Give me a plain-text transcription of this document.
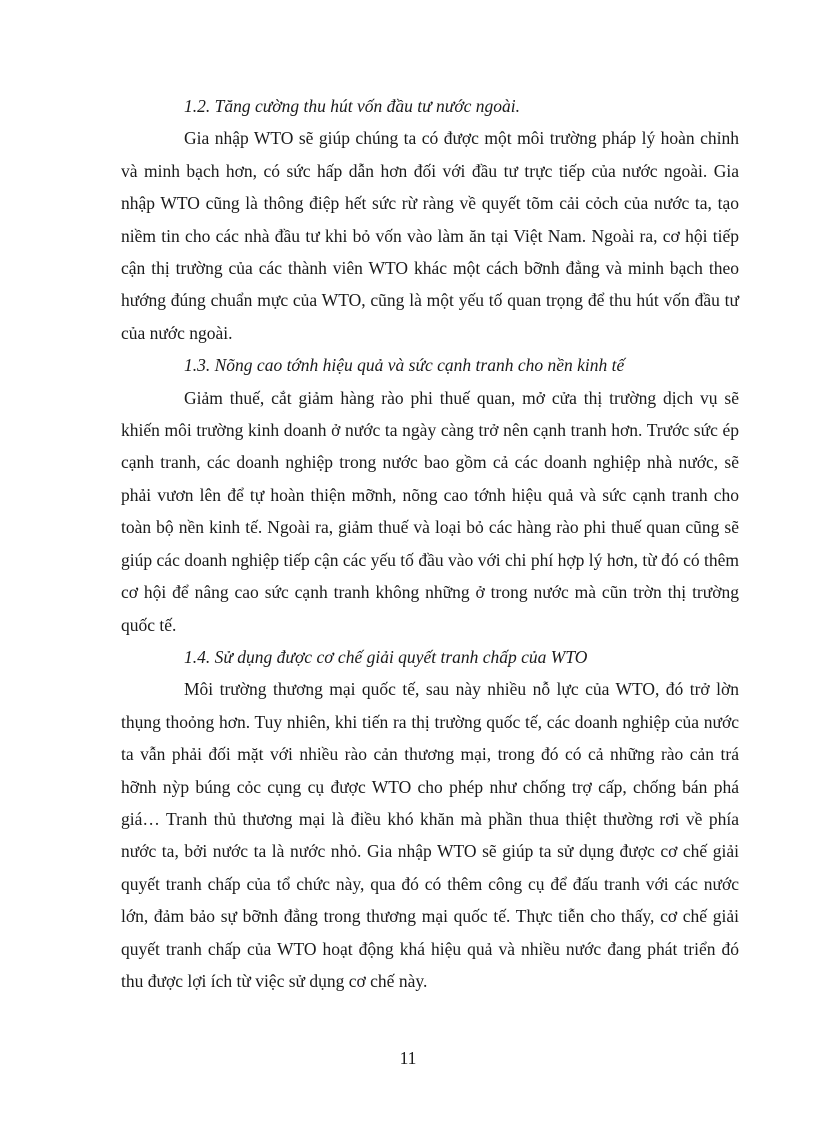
1.2. Tăng cường thu hút vốn đầu tư nước ngoài.

Gia nhập WTO sẽ giúp chúng ta có được một môi trường pháp lý hoàn chỉnh và minh bạch hơn, có sức hấp dẫn hơn đối với đầu tư trực tiếp của nước ngoài. Gia nhập WTO cũng là thông điệp hết sức rừ ràng về quyết tõm cải cỏch của nước ta, tạo niềm tin cho các nhà đầu tư khi bỏ vốn vào làm ăn tại Việt Nam. Ngoài ra, cơ hội tiếp cận thị trường của các thành viên WTO khác một cách bỡnh đẳng và minh bạch theo hướng đúng chuẩn mực của WTO, cũng là một yếu tố quan trọng để thu hút vốn đầu tư của nước ngoài.

1.3. Nõng cao tớnh hiệu quả và sức cạnh tranh cho nền kinh tế

Giảm thuế, cắt giảm hàng rào phi thuế quan, mở cửa thị trường dịch vụ sẽ khiến môi trường kinh doanh ở nước ta ngày càng trở nên cạnh tranh hơn. Trước sức ép cạnh tranh, các doanh nghiệp trong nước bao gồm cả các doanh nghiệp nhà nước, sẽ phải vươn lên để tự hoàn thiện mỡnh, nõng cao tớnh hiệu quả và sức cạnh tranh cho toàn bộ nền kinh tế. Ngoài ra, giảm thuế và loại bỏ các hàng rào phi thuế quan cũng sẽ giúp các doanh nghiệp tiếp cận các yếu tố đầu vào với chi phí hợp lý hơn, từ đó có thêm cơ hội để nâng cao sức cạnh tranh không những ở trong nước mà cũn trờn thị trường quốc tế.

1.4. Sử dụng được cơ chế giải quyết tranh chấp của WTO

Môi trường thương mại quốc tế, sau này nhiều nỗ lực của WTO, đó trở lờn thụng thoỏng hơn. Tuy nhiên, khi tiến ra thị trường quốc tế, các doanh nghiệp của nước ta vẫn phải đối mặt với nhiều rào cản thương mại, trong đó có cả những rào cản trá hỡnh nỳp búng cỏc cụng cụ được WTO cho phép như chống trợ cấp, chống bán phá giá… Tranh thủ thương mại là điều khó khăn mà phần thua thiệt thường rơi về phía nước ta, bởi nước ta là nước nhỏ. Gia nhập WTO sẽ giúp ta sử dụng được cơ chế giải quyết tranh chấp của tổ chức này, qua đó có thêm công cụ để đấu tranh với các nước lớn, đảm bảo sự bỡnh đẳng trong thương mại quốc tế. Thực tiễn cho thấy, cơ chế giải quyết tranh chấp của WTO hoạt động khá hiệu quả và nhiều nước đang phát triển đó thu được lợi ích từ việc sử dụng cơ chế này.

11
